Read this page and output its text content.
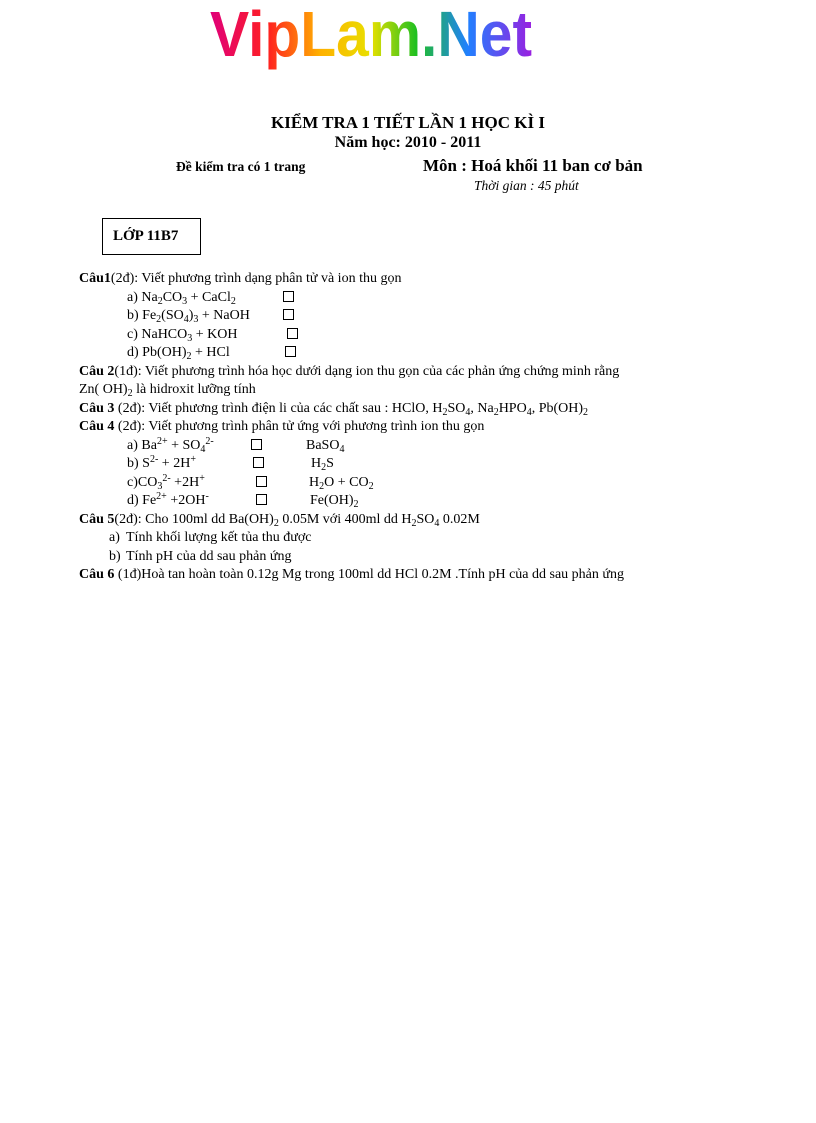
VipLam.Net
KIỂM TRA 1 TIẾT LẦN 1 HỌC KÌ I
Năm học: 2010 - 2011
Đề kiểm tra có 1 trang	Môn : Hoá khối 11 ban cơ bản
Thời gian : 45 phút
LỚP 11B7
Câu1(2đ): Viết phương trình dạng phân tử và ion thu gọn
a) $Na_2CO_3$ + CaCl$_2$
b) $Fe_2(SO_4)_3$ + NaOH
c) NaHCO$_3$ + KOH
d) $Pb(OH)_2$ + HCl
Câu 2(1đ): Viết phương trình hóa học dưới dạng ion thu gọn của các phản ứng chứng minh rằng
Zn( $OH)_2$ là hidroxit lưỡng tính
Câu 3 (2đ): Viết phương trình điện li của các chất sau : HClO, $H_2SO_4$, $Na_2HPO_4$, $Pb(OH)_2$
Câu 4 (2đ): Viết phương trình phân tử ứng với phương trình ion thu gọn
a) $Ba^{2+} + SO_4^{2-}$	BaSO$_4$
b) $S^{2-} + 2H^+$	$H_2S$
$c)CO_3^{2-} +2H^+$	$H_2O + CO_2$
d) $Fe^{2+} +2OH^-$	$Fe(OH)_2$
Câu 5(2đ): Cho 100ml dd $Ba(OH)_2$ 0.05M với 400ml dd $H_2SO_4$ 0.02M
a) Tính khối lượng kết tủa thu được
b) Tính pH của dd sau phản ứng
Câu 6 (1đ)Hoà tan hoàn toàn 0.12g Mg trong 100ml dd HCl 0.2M .Tính pH của dd sau phản ứng
